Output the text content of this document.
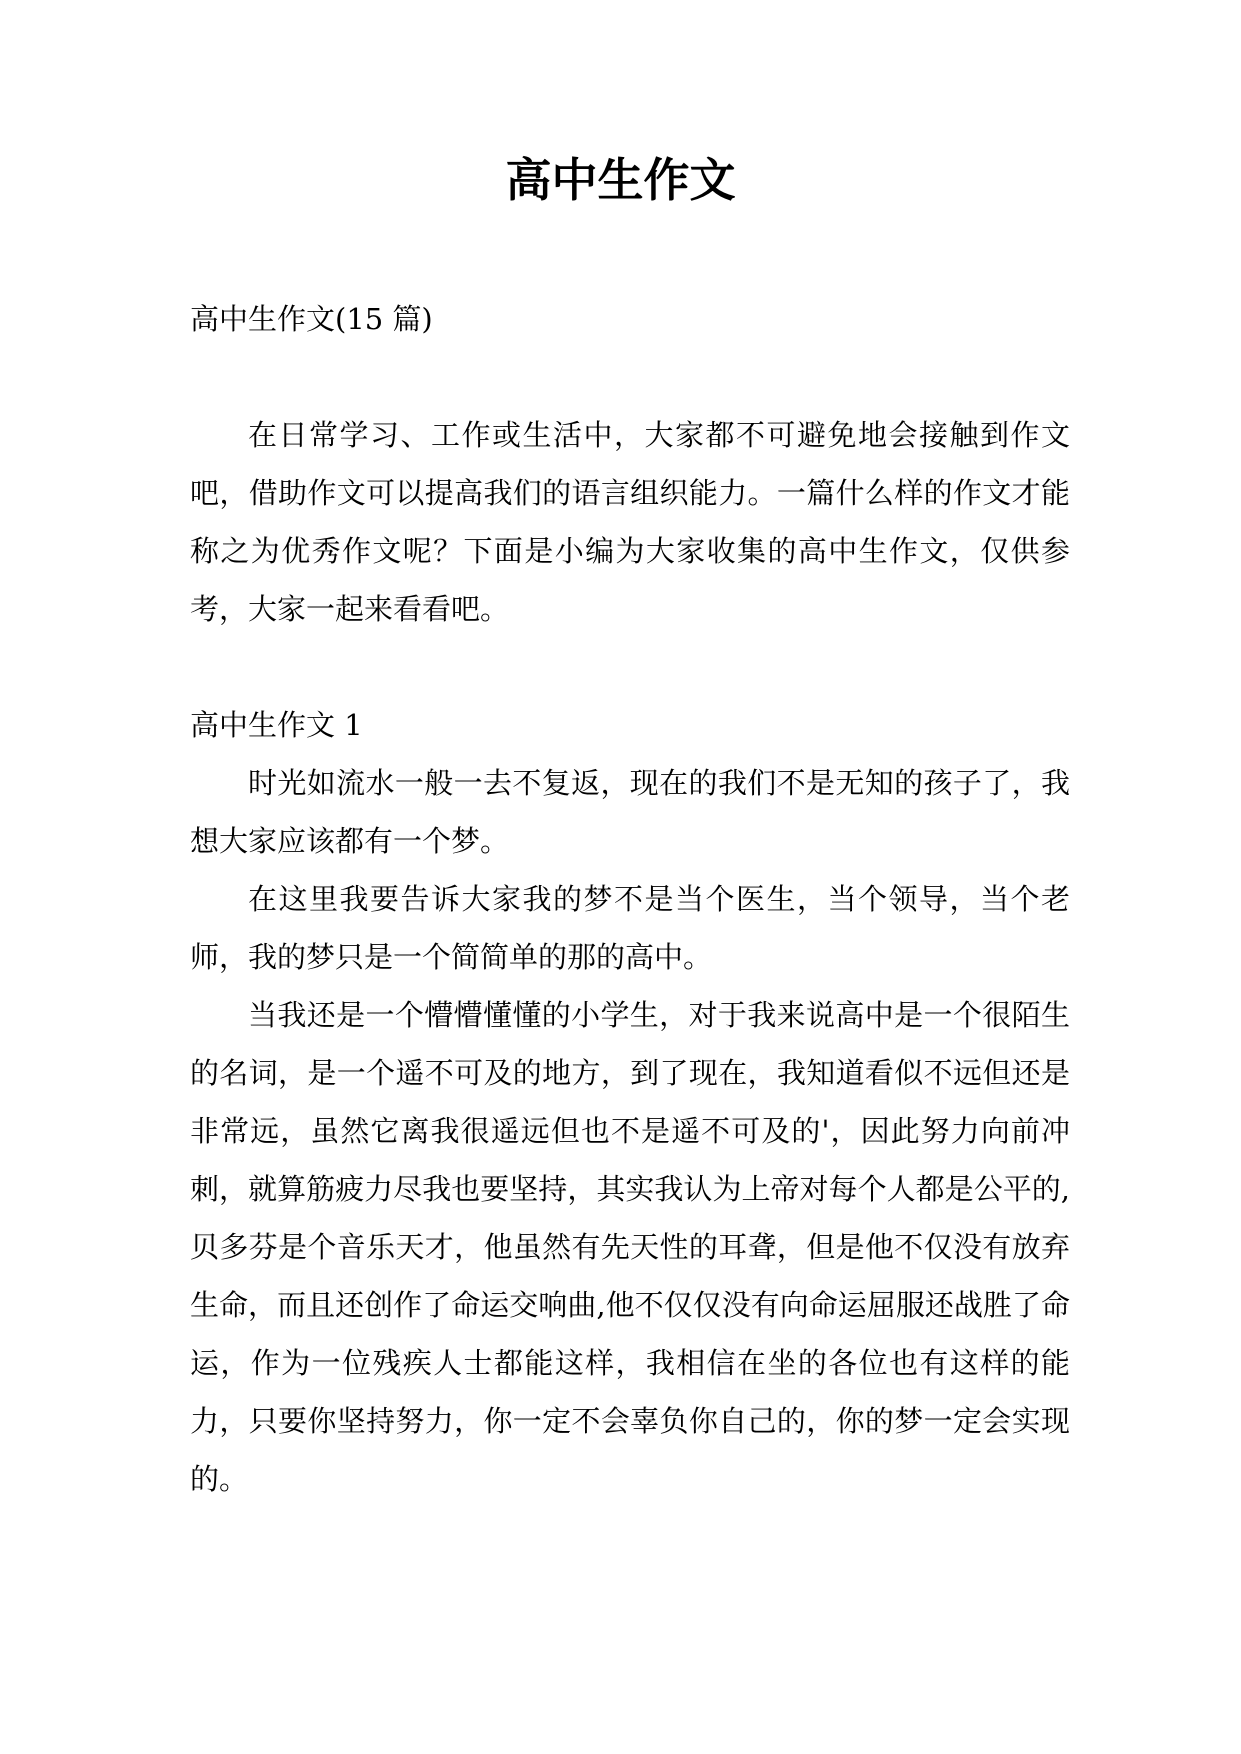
高中生作文

高中生作文(15 篇)

在日常学习、工作或生活中，大家都不可避免地会接触到作文吧，借助作文可以提高我们的语言组织能力。一篇什么样的作文才能称之为优秀作文呢？下面是小编为大家收集的高中生作文，仅供参考，大家一起来看看吧。

高中生作文 1

时光如流水一般一去不复返，现在的我们不是无知的孩子了，我想大家应该都有一个梦。

在这里我要告诉大家我的梦不是当个医生，当个领导，当个老师，我的梦只是一个简简单的那的高中。

当我还是一个懵懵懂懂的小学生，对于我来说高中是一个很陌生的名词，是一个遥不可及的地方，到了现在，我知道看似不远但还是非常远，虽然它离我很遥远但也不是遥不可及的'，因此努力向前冲刺，就算筋疲力尽我也要坚持，其实我认为上帝对每个人都是公平的,贝多芬是个音乐天才，他虽然有先天性的耳聋，但是他不仅没有放弃生命，而且还创作了命运交响曲,他不仅仅没有向命运屈服还战胜了命运，作为一位残疾人士都能这样，我相信在坐的各位也有这样的能力，只要你坚持努力，你一定不会辜负你自己的，你的梦一定会实现的。
